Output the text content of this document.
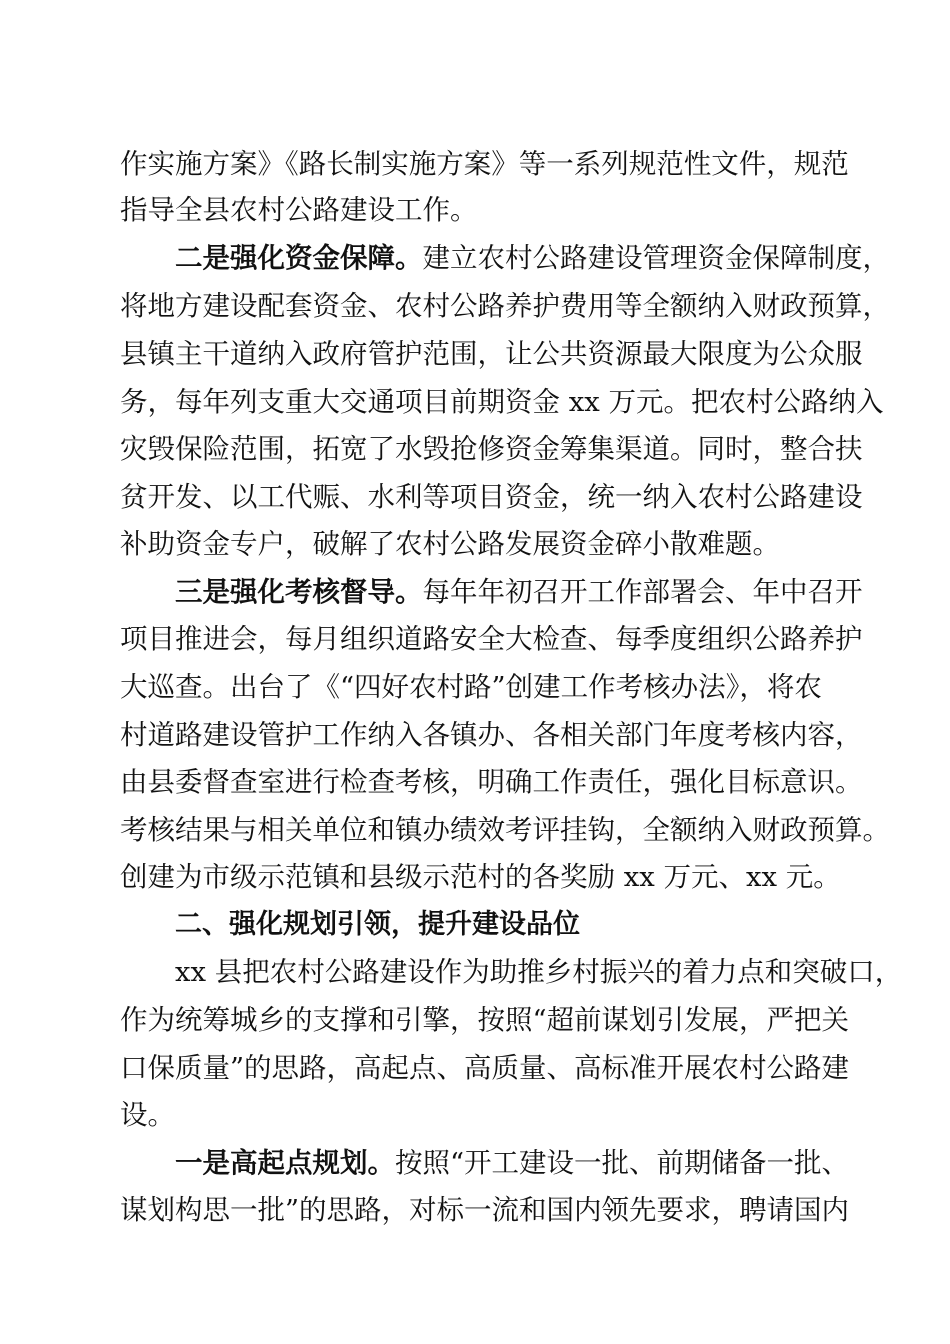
作实施方案》《路长制实施方案》等一系列规范性文件，规范

指导全县农村公路建设工作。

二是强化资金保障。建立农村公路建设管理资金保障制度，

将地方建设配套资金、农村公路养护费用等全额纳入财政预算，

县镇主干道纳入政府管护范围，让公共资源最大限度为公众服

务，每年列支重大交通项目前期资金 xx 万元。把农村公路纳入

灾毁保险范围，拓宽了水毁抢修资金筹集渠道。同时，整合扶

贫开发、以工代赈、水利等项目资金，统一纳入农村公路建设

补助资金专户，破解了农村公路发展资金碎小散难题。

三是强化考核督导。每年年初召开工作部署会、年中召开

项目推进会，每月组织道路安全大检查、每季度组织公路养护

大巡查。出台了《“四好农村路”创建工作考核办法》，将农

村道路建设管护工作纳入各镇办、各相关部门年度考核内容，

由县委督查室进行检查考核，明确工作责任，强化目标意识。

考核结果与相关单位和镇办绩效考评挂钩，全额纳入财政预算。

创建为市级示范镇和县级示范村的各奖励 xx 万元、xx 元。

二、强化规划引领，提升建设品位

xx 县把农村公路建设作为助推乡村振兴的着力点和突破口，

作为统筹城乡的支撑和引擎，按照“超前谋划引发展，严把关

口保质量”的思路，高起点、高质量、高标准开展农村公路建

设。

一是高起点规划。按照“开工建设一批、前期储备一批、

谋划构思一批”的思路，对标一流和国内领先要求，聘请国内
